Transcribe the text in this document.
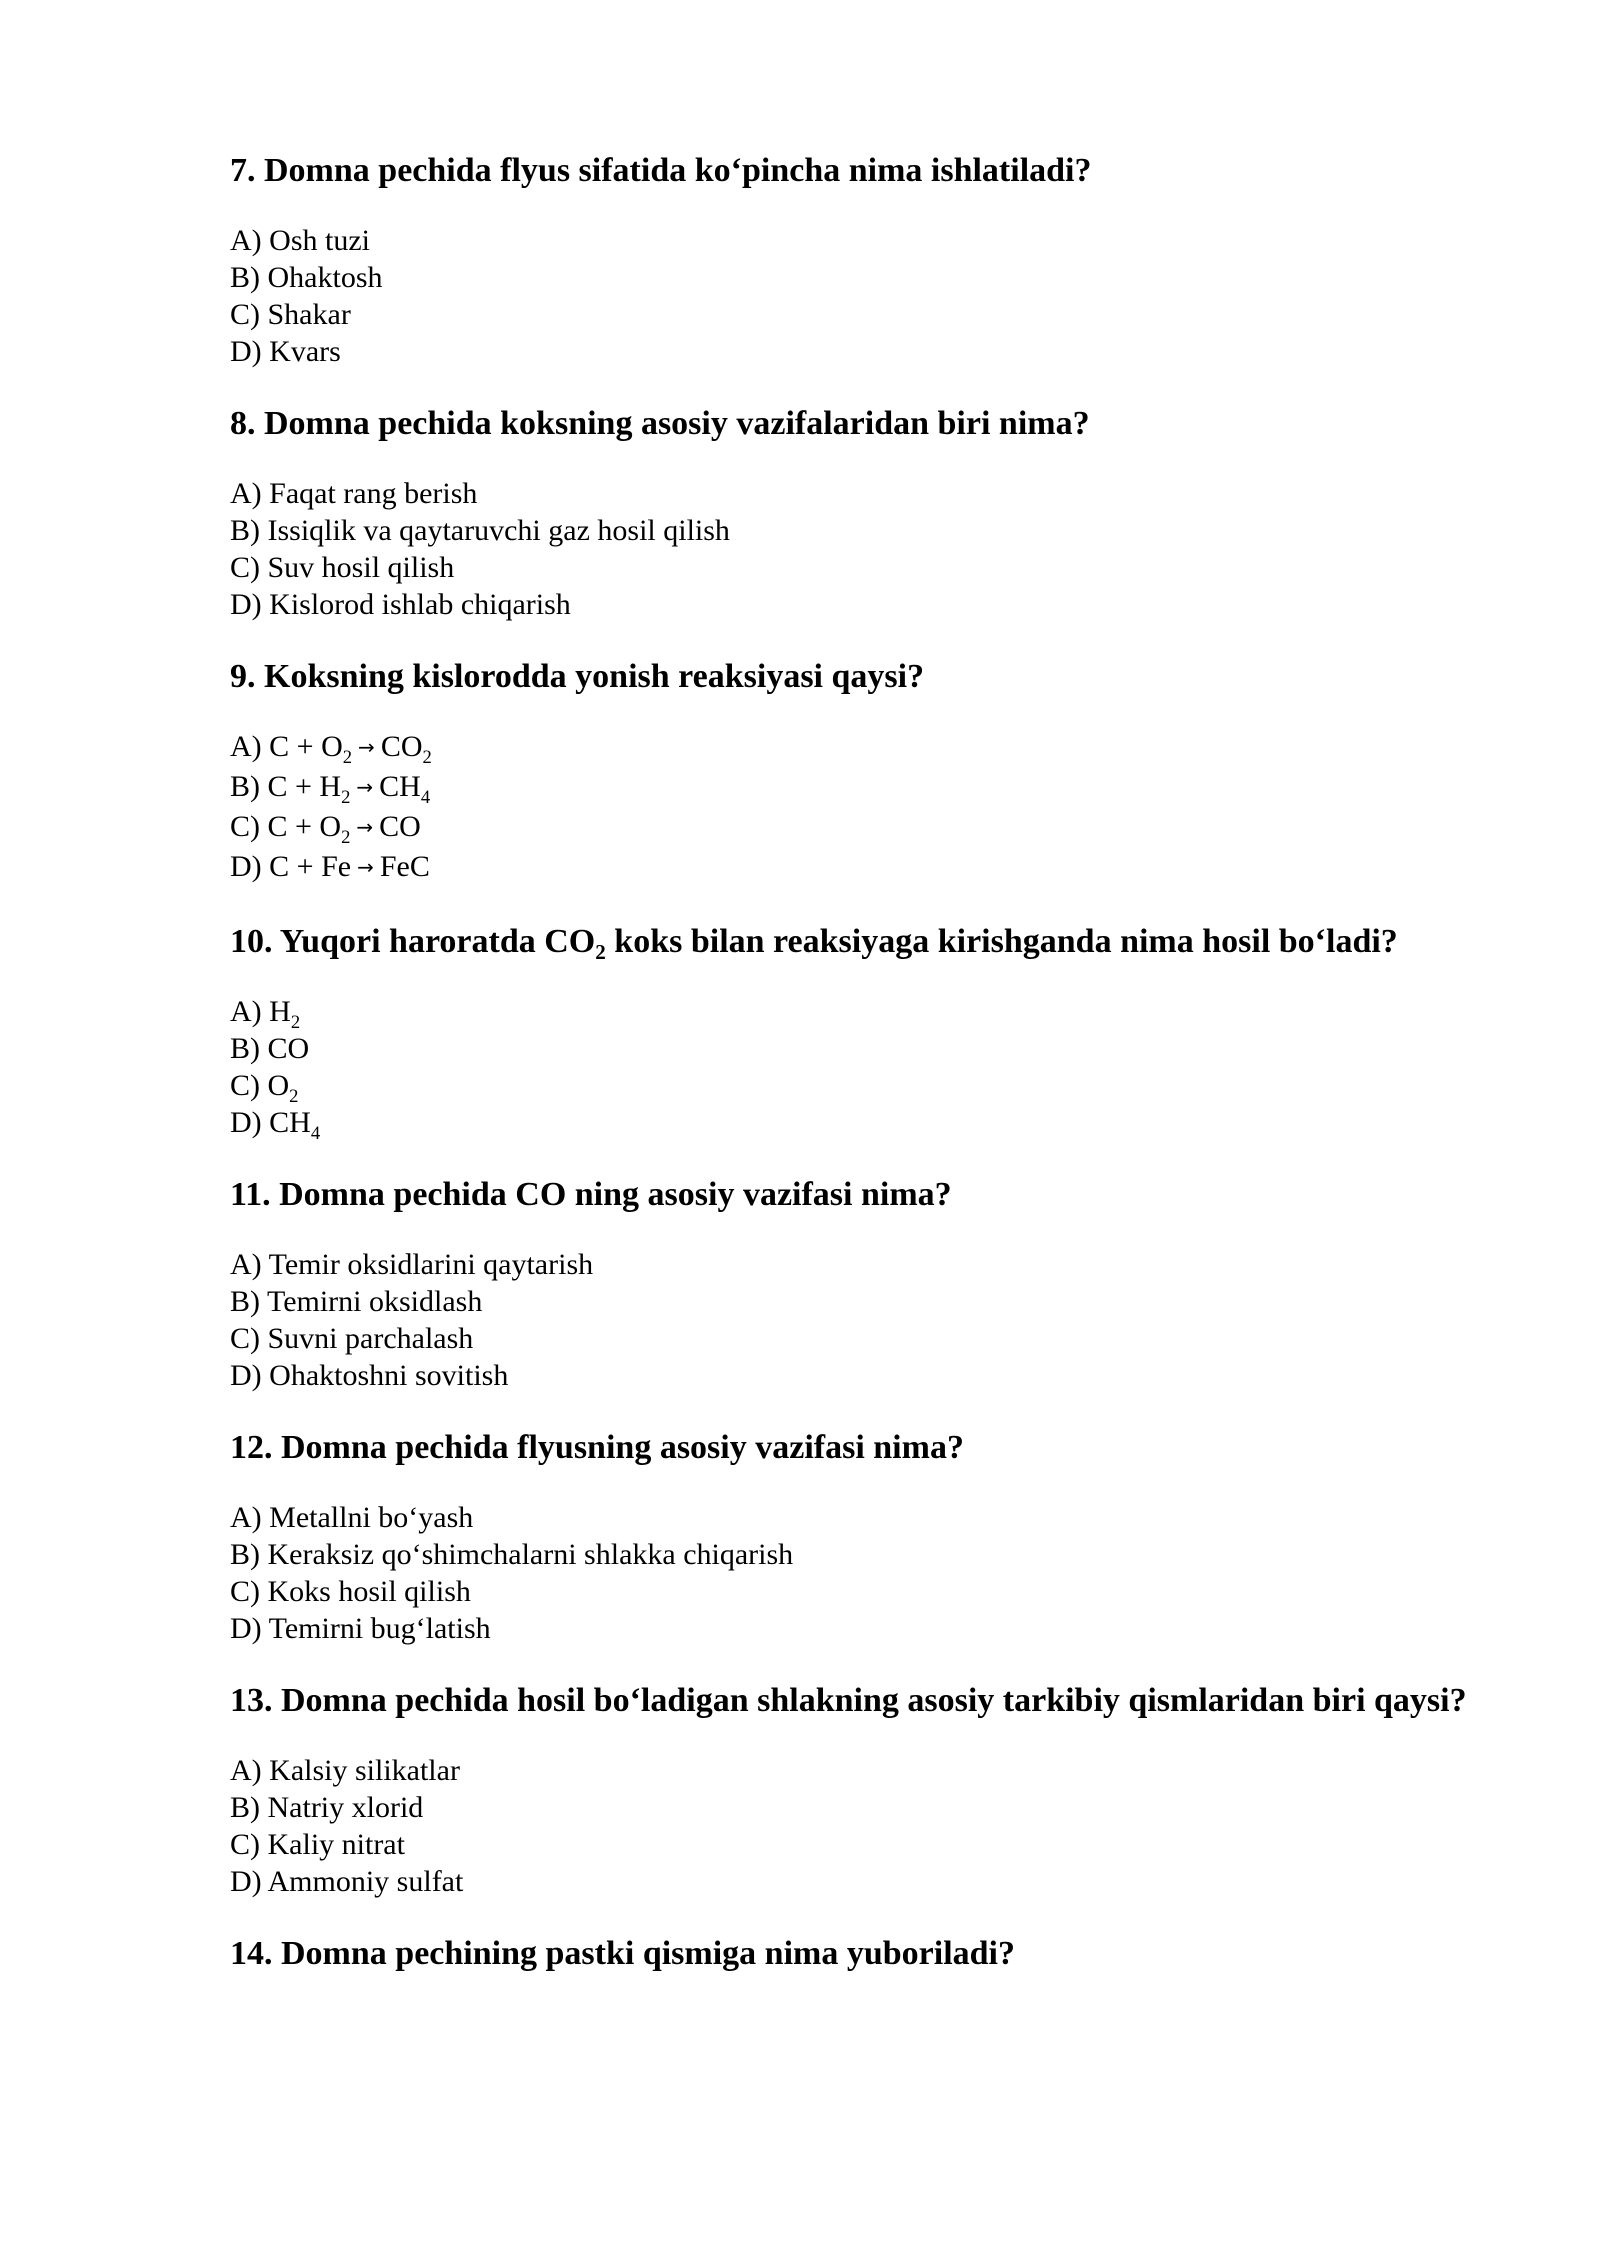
7. Domna pechida flyus sifatida ko‘pincha nima ishlatiladi?
A) Osh tuzi
B) Ohaktosh
C) Shakar
D) Kvars
8. Domna pechida koksning asosiy vazifalaridan biri nima?
A) Faqat rang berish
B) Issiqlik va qaytaruvchi gaz hosil qilish
C) Suv hosil qilish
D) Kislorod ishlab chiqarish
9. Koksning kislorodda yonish reaksiyasi qaysi?
A) $C + O_2 \to CO_2$
B) $C + H_2 \to CH_4$
C) $C + O_2$ → CO
D) C + Fe → FeC
10. Yuqori haroratda $CO_2$ koks bilan reaksiyaga kirishganda nima hosil bo‘ladi?
A) $H_2$
B) CO
C) $O_2$
D) $CH_4$
11. Domna pechida CO ning asosiy vazifasi nima?
A) Temir oksidlarini qaytarish
B) Temirni oksidlash
C) Suvni parchalash
D) Ohaktoshni sovitish
12. Domna pechida flyusning asosiy vazifasi nima?
A) Metallni bo‘yash
B) Keraksiz qo‘shimchalarni shlakka chiqarish
C) Koks hosil qilish
D) Temirni bug‘latish
13. Domna pechida hosil bo‘ladigan shlakning asosiy tarkibiy qismlaridan biri qaysi?
A) Kalsiy silikatlar
B) Natriy xlorid
C) Kaliy nitrat
D) Ammoniy sulfat
14. Domna pechining pastki qismiga nima yuboriladi?
